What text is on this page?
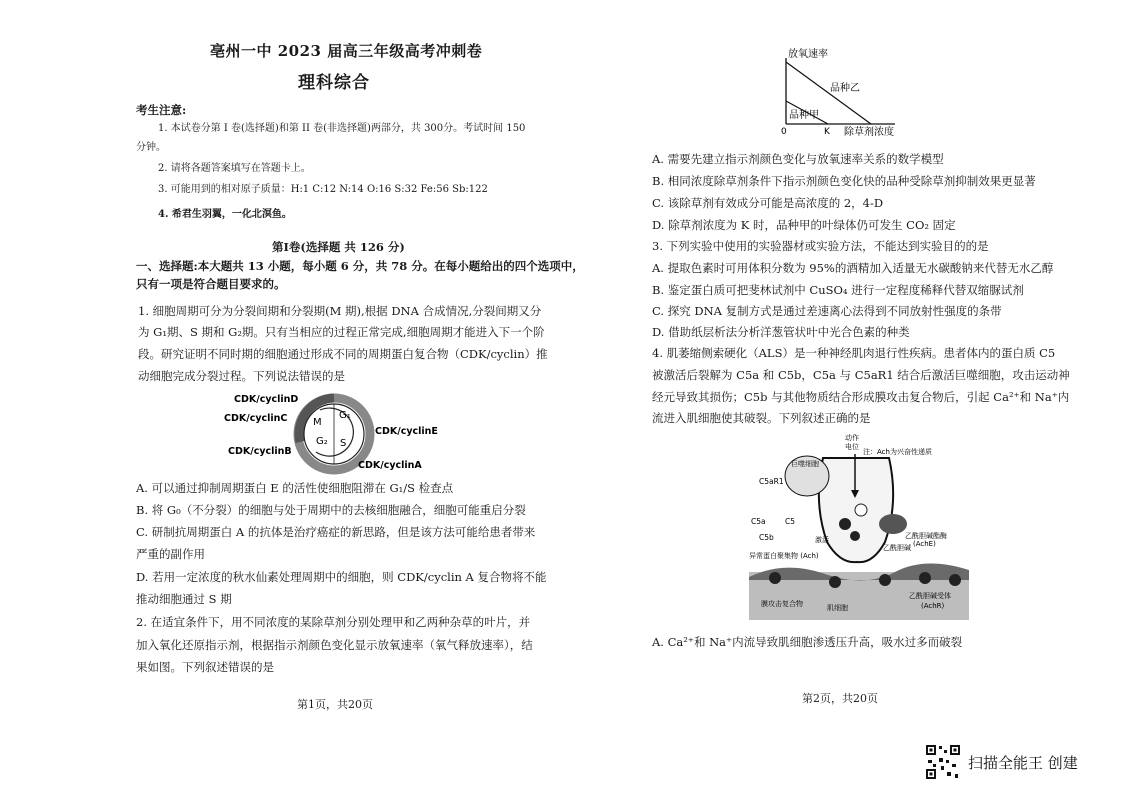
亳州一中 2023 届高三年级高考冲刺卷
理科综合
考生注意:
1. 本试卷分第 I 卷(选择题)和第 II 卷(非选择题)两部分，共 300分。考试时间 150
分钟。
2. 请将各题答案填写在答题卡上。
3. 可能用到的相对原子质量：H:1 C:12 N:14 O:16 S:32 Fe:56 Sb:122
4. 希君生羽翼，一化北溟鱼。
第Ⅰ卷(选择题 共 126 分)
一、选择题:本大题共 13 小题，每小题 6 分，共 78 分。在每小题给出的四个选项中，
只有一项是符合题目要求的。
1. 细胞周期可分为分裂间期和分裂期(M 期),根据 DNA 合成情况,分裂间期又分
为 G₁期、S 期和 G₂期。只有当相应的过程正常完成,细胞周期才能进入下一个阶
段。研究证明不同时期的细胞通过形成不同的周期蛋白复合物（CDK/cyclin）推
动细胞完成分裂过程。下列说法错误的是
M
G₁
G₂ S
CDK/cyclinD
CDK/cyclinC
CDK/cyclinE
CDK/cyclinB
CDK/cyclinA
A. 可以通过抑制周期蛋白 E 的活性使细胞阻滞在 G₁/S 检查点
B. 将 G₀（不分裂）的细胞与处于周期中的去核细胞融合，细胞可能重启分裂
C. 研制抗周期蛋白 A 的抗体是治疗癌症的新思路，但是该方法可能给患者带来
严重的副作用
D. 若用一定浓度的秋水仙素处理周期中的细胞，则 CDK/cyclin A 复合物将不能
推动细胞通过 S 期
2. 在适宜条件下，用不同浓度的某除草剂分别处理甲和乙两种杂草的叶片，并
加入氧化还原指示剂，根据指示剂颜色变化显示放氧速率（氧气释放速率），结
果如图。下列叙述错误的是
第1页，共20页
放氧速率
品种乙
品种甲
0	K 除草剂浓度
A. 需要先建立指示剂颜色变化与放氧速率关系的数学模型
B. 相同浓度除草剂条件下指示剂颜色变化快的品种受除草剂抑制效果更显著
C. 该除草剂有效成分可能是高浓度的 2，4-D
D. 除草剂浓度为 K 时，品种甲的叶绿体仍可发生 CO₂ 固定
3. 下列实验中使用的实验器材或实验方法，不能达到实验目的的是
A. 提取色素时可用体积分数为 95%的酒精加入适量无水碳酸钠来代替无水乙醇
B. 鉴定蛋白质可把斐林试剂中 CuSO₄ 进行一定程度稀释代替双缩脲试剂
C. 探究 DNA 复制方式是通过差速离心法得到不同放射性强度的条带
D. 借助纸层析法分析洋葱管状叶中光合色素的种类
4. 肌萎缩侧索硬化（ALS）是一种神经肌肉退行性疾病。患者体内的蛋白质 C5
被激活后裂解为 C5a 和 C5b，C5a 与 C5aR1 结合后激活巨噬细胞，攻击运动神
经元导致其损伤；C5b 与其他物质结合形成膜攻击复合物后，引起 Ca²⁺和 Na⁺内
流进入肌细胞使其破裂。下列叙述正确的是
动作
电位
注：Ach为兴奋性递质
巨噬细胞
C5aR1
C5a	C5
C5b	激活	乙酰胆碱酯酶
(AchE)
乙酰胆碱
异常蛋白聚集物 (Ach)
膜攻击复合物	肌细胞
乙酰胆碱受体
(AchR)
A. Ca²⁺和 Na⁺内流导致肌细胞渗透压升高，吸水过多而破裂
第2页，共20页
扫描全能王 创建
